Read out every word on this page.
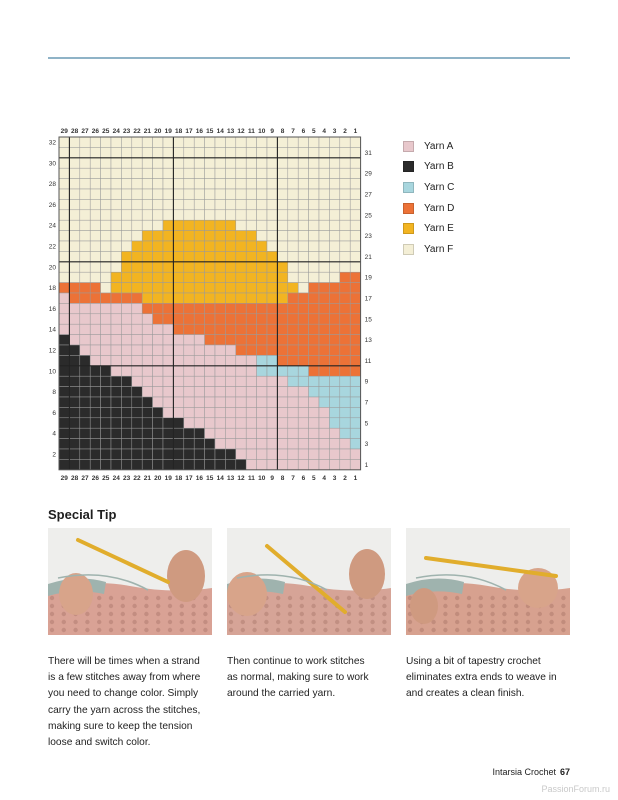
29 28 27 26 25 24 23 22 21 20 19 18 17 16 15 14 13 12 11 10 9 8 7 6 5 4 3 2 1
29 28 27 26 25 24 23 22 21 20 19 18 17 16 15 14 13 12 11 10 9 8 7 6 5 4 3 2 1
32
30
28
26
24
22
20
18
16
14
12
10
8
6
4
2
31
29
27
25
23
21
19
17
15
13
11
9
7
5
3
1
Yarn A
Yarn B
Yarn C
Yarn D
Yarn E
Yarn F
Special Tip
There will be times when a strand
is a few stitches away from where
you need to change color. Simply
carry the yarn across the stitches,
making sure to keep the tension
loose and switch color.
Then continue to work stitches
as normal, making sure to work
around the carried yarn.
Using a bit of tapestry crochet
eliminates extra ends to weave in
and creates a clean finish.
Intarsia Crochet 67
PassionForum.ru
